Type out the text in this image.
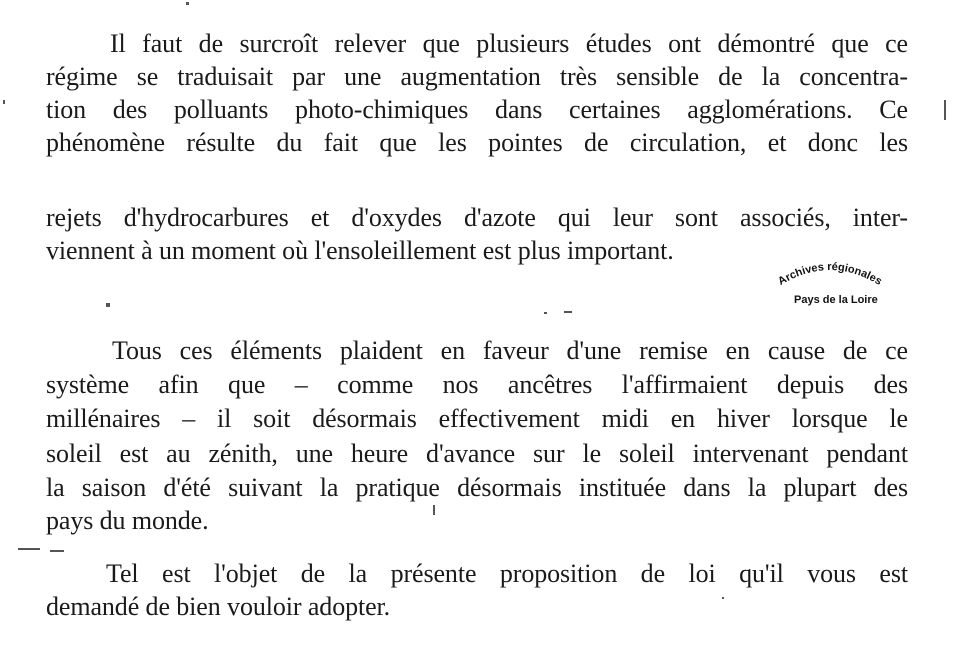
Il faut de surcroît relever que plusieurs études ont démontré que ce
régime se traduisait par une augmentation très sensible de la concentra-
tion des polluants photo-chimiques dans certaines agglomérations. Ce
phénomène résulte du fait que les pointes de circulation, et donc les
rejets d'hydrocarbures et d'oxydes d'azote qui leur sont associés, inter-
viennent à un moment où l'ensoleillement est plus important.
Archives régionales
Pays de la Loire
Tous ces éléments plaident en faveur d'une remise en cause de ce
système afin que – comme nos ancêtres l'affirmaient depuis des
millénaires – il soit désormais effectivement midi en hiver lorsque le
soleil est au zénith, une heure d'avance sur le soleil intervenant pendant
la saison d'été suivant la pratique désormais instituée dans la plupart des
pays du monde.
Tel est l'objet de la présente proposition de loi qu'il vous est
demandé de bien vouloir adopter.
